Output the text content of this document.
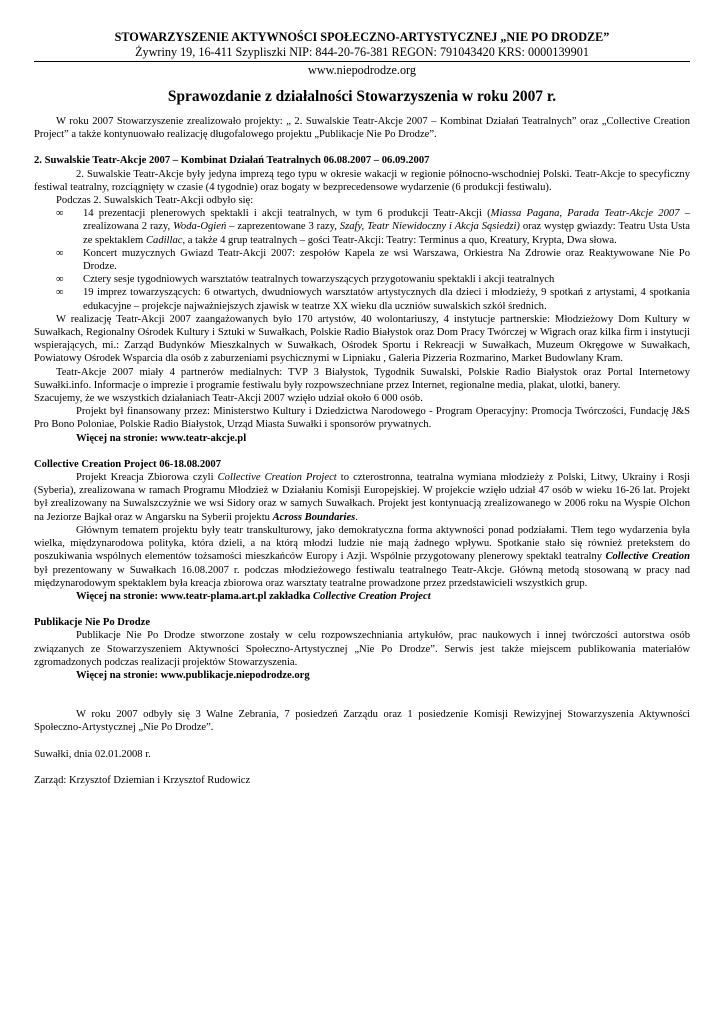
STOWARZYSZENIE AKTYWNOŚCI SPOŁECZNO-ARTYSTYCZNEJ „NIE PO DRODZE”
Żywriny 19, 16-411 Szypliszki NIP: 844-20-76-381 REGON: 791043420 KRS: 0000139901
www.niepodrodze.org
Sprawozdanie z działalności Stowarzyszenia w roku 2007 r.

W roku 2007 Stowarzyszenie zrealizowało projekty: „ 2. Suwalskie Teatr-Akcje 2007 – Kombinat Działań Teatralnych” oraz „Collective Creation Project” a także kontynuowało realizację długofalowego projektu „Publikacje Nie Po Drodze”.

2. Suwalskie Teatr-Akcje 2007 – Kombinat Działań Teatralnych 06.08.2007 – 06.09.2007

2. Suwalskie Teatr-Akcje były jedyna imprezą tego typu w okresie wakacji w regionie północno-wschodniej Polski. Teatr-Akcje to specyficzny festiwal teatralny, rozciągnięty w czasie (4 tygodnie) oraz bogaty w bezprecedensowe wydarzenie (6 produkcji festiwalu).

Podczas 2. Suwalskich Teatr-Akcji odbyło się:

∞ 14 prezentacji plenerowych spektakli i akcji teatralnych, w tym 6 produkcji Teatr-Akcji (Miassa Pagana, Parada Teatr-Akcje 2007 – zrealizowana 2 razy, Woda-Ogień – zaprezentowane 3 razy, Szafy, Teatr Niewidoczny i Akcja Sąsiedzi) oraz występ gwiazdy: Teatru Usta Usta ze spektaklem Cadillac, a także 4 grup teatralnych – gości Teatr-Akcji: Teatry: Terminus a quo, Kreatury, Krypta, Dwa słowa.
∞ Koncert muzycznych Gwiazd Teatr-Akcji 2007: zespołów Kapela ze wsi Warszawa, Orkiestra Na Zdrowie oraz Reaktywowane Nie Po Drodze.
∞ Cztery sesje tygodniowych warsztatów teatralnych towarzyszących przygotowaniu spektakli i akcji teatralnych
∞ 19 imprez towarzyszących: 6 otwartych, dwudniowych warsztatów artystycznych dla dzieci i młodzieży, 9 spotkań z artystami, 4 spotkania edukacyjne – projekcje najważniejszych zjawisk w teatrze XX wieku dla uczniów suwalskich szkół średnich.

W realizację Teatr-Akcji 2007 zaangażowanych było 170 artystów, 40 wolontariuszy, 4 instytucje partnerskie: Młodzieżowy Dom Kultury w Suwałkach, Regionalny Ośrodek Kultury i Sztuki w Suwałkach, Polskie Radio Białystok oraz Dom Pracy Twórczej w Wigrach oraz kilka firm i instytucji wspierających, mi.: Zarząd Budynków Mieszkalnych w Suwałkach, Ośrodek Sportu i Rekreacji w Suwałkach, Muzeum Okręgowe w Suwałkach, Powiatowy Ośrodek Wsparcia dla osób z zaburzeniami psychicznymi w Lipniaku , Galeria Pizzeria Rozmarino, Market Budowlany Kram.

Teatr-Akcje 2007 miały 4 partnerów medialnych: TVP 3 Białystok, Tygodnik Suwalski, Polskie Radio Białystok oraz Portal Internetowy Suwałki.info. Informacje o imprezie i programie festiwalu były rozpowszechniane przez Internet, regionalne media, plakat, ulotki, banery.

Szacujemy, że we wszystkich działaniach Teatr-Akcji 2007 wzięło udział około 6 000 osób.

Projekt był finansowany przez: Ministerstwo Kultury i Dziedzictwa Narodowego - Program Operacyjny: Promocja Twórczości, Fundację J&S Pro Bono Poloniae, Polskie Radio Białystok, Urząd Miasta Suwałki i sponsorów prywatnych.

Więcej na stronie: www.teatr-akcje.pl

Collective Creation Project 06-18.08.2007

Projekt Kreacja Zbiorowa czyli Collective Creation Project to czterostronna, teatralna wymiana młodzieży z Polski, Litwy, Ukrainy i Rosji (Syberia), zrealizowana w ramach Programu Młodzież w Działaniu Komisji Europejskiej. W projekcie wzięło udział 47 osób w wieku 16-26 lat. Projekt był zrealizowany na Suwalszczyźnie we wsi Sidory oraz w samych Suwałkach. Projekt jest kontynuacją zrealizowanego w 2006 roku na Wyspie Olchon na Jeziorze Bajkał oraz w Angarsku na Syberii projektu Across Boundaries.

Głównym tematem projektu były teatr transkulturowy, jako demokratyczna forma aktywności ponad podziałami. Tłem tego wydarzenia była wielka, międzynarodowa polityka, która dzieli, a na którą młodzi ludzie nie mają żadnego wpływu. Spotkanie stało się również pretekstem do poszukiwania wspólnych elementów tożsamości mieszkańców Europy i Azji. Wspólnie przygotowany plenerowy spektakl teatralny Collective Creation był prezentowany w Suwałkach 16.08.2007 r. podczas młodzieżowego festiwalu teatralnego Teatr-Akcje. Główną metodą stosowaną w pracy nad międzynarodowym spektaklem była kreacja zbiorowa oraz warsztaty teatralne prowadzone przez przedstawicieli wszystkich grup.

Więcej na stronie: www.teatr-plama.art.pl zakładka Collective Creation Project

Publikacje Nie Po Drodze

Publikacje Nie Po Drodze stworzone zostały w celu rozpowszechniania artykułów, prac naukowych i innej twórczości autorstwa osób związanych ze Stowarzyszeniem Aktywności Społeczno-Artystycznej „Nie Po Drodze”. Serwis jest także miejscem publikowania materiałów zgromadzonych podczas realizacji projektów Stowarzyszenia.

Więcej na stronie: www.publikacje.niepodrodze.org

W roku 2007 odbyły się 3 Walne Zebrania, 7 posiedzeń Zarządu oraz 1 posiedzenie Komisji Rewizyjnej Stowarzyszenia Aktywności Społeczno-Artystycznej „Nie Po Drodze”.

Suwałki, dnia 02.01.2008 r.

Zarząd: Krzysztof Dziemian i Krzysztof Rudowicz
